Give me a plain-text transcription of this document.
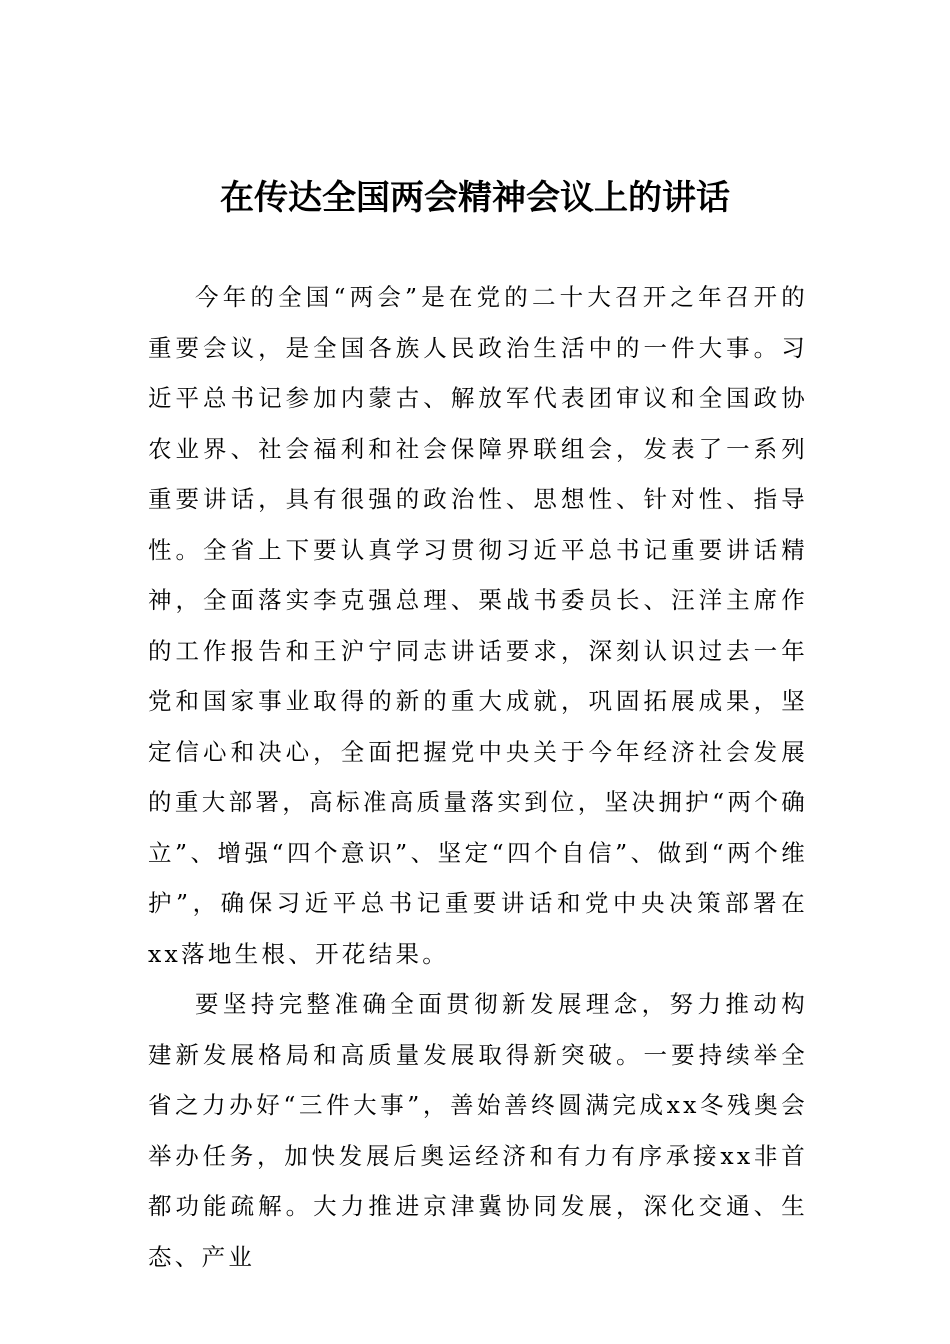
在传达全国两会精神会议上的讲话

今年的全国“两会”是在党的二十大召开之年召开的重要会议，是全国各族人民政治生活中的一件大事。习近平总书记参加内蒙古、解放军代表团审议和全国政协农业界、社会福利和社会保障界联组会，发表了一系列重要讲话，具有很强的政治性、思想性、针对性、指导性。全省上下要认真学习贯彻习近平总书记重要讲话精神，全面落实李克强总理、栗战书委员长、汪洋主席作的工作报告和王沪宁同志讲话要求，深刻认识过去一年党和国家事业取得的新的重大成就，巩固拓展成果，坚定信心和决心，全面把握党中央关于今年经济社会发展的重大部署，高标准高质量落实到位，坚决拥护“两个确立”、增强“四个意识”、坚定“四个自信”、做到“两个维护”，确保习近平总书记重要讲话和党中央决策部署在xx落地生根、开花结果。

要坚持完整准确全面贯彻新发展理念，努力推动构建新发展格局和高质量发展取得新突破。一要持续举全省之力办好“三件大事”，善始善终圆满完成xx冬残奥会举办任务，加快发展后奥运经济和有力有序承接xx非首都功能疏解。大力推进京津冀协同发展，深化交通、生态、产业
